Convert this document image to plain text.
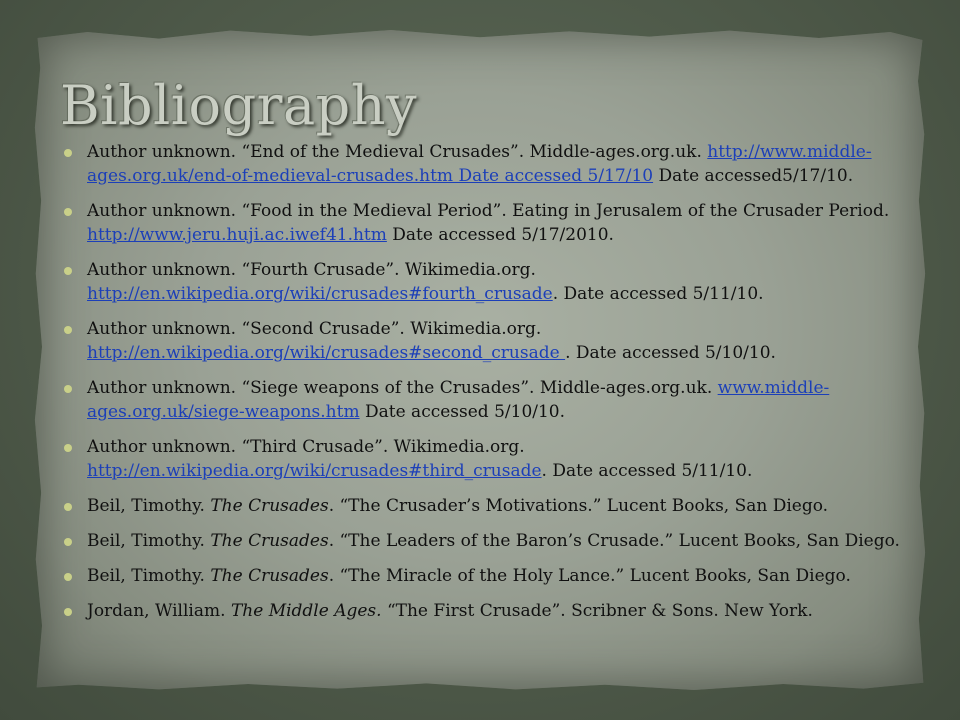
Bibliography
Author unknown. “End of the Medieval Crusades”. Middle-ages.org.uk. http://www.middle-ages.org.uk/end-of-medieval-crusades.htm Date accessed 5/17/10 Date accessed5/17/10.
Author unknown. “Food in the Medieval Period”. Eating in Jerusalem of the Crusader Period. http://www.jeru.huji.ac.iwef41.htm Date accessed 5/17/2010.
Author unknown. “Fourth Crusade”. Wikimedia.org. http://en.wikipedia.org/wiki/crusades#fourth_crusade. Date accessed 5/11/10.
Author unknown. “Second Crusade”. Wikimedia.org. http://en.wikipedia.org/wiki/crusades#second_crusade . Date accessed 5/10/10.
Author unknown. “Siege weapons of the Crusades”. Middle-ages.org.uk. www.middle-ages.org.uk/siege-weapons.htm Date accessed 5/10/10.
Author unknown. “Third Crusade”. Wikimedia.org. http://en.wikipedia.org/wiki/crusades#third_crusade. Date accessed 5/11/10.
Beil, Timothy. The Crusades. “The Crusader’s Motivations.” Lucent Books, San Diego.
Beil, Timothy. The Crusades. “The Leaders of the Baron’s Crusade.” Lucent Books, San Diego.
Beil, Timothy. The Crusades. “The Miracle of the Holy Lance.” Lucent Books, San Diego.
Jordan, William. The Middle Ages. “The First Crusade”. Scribner & Sons. New York.
